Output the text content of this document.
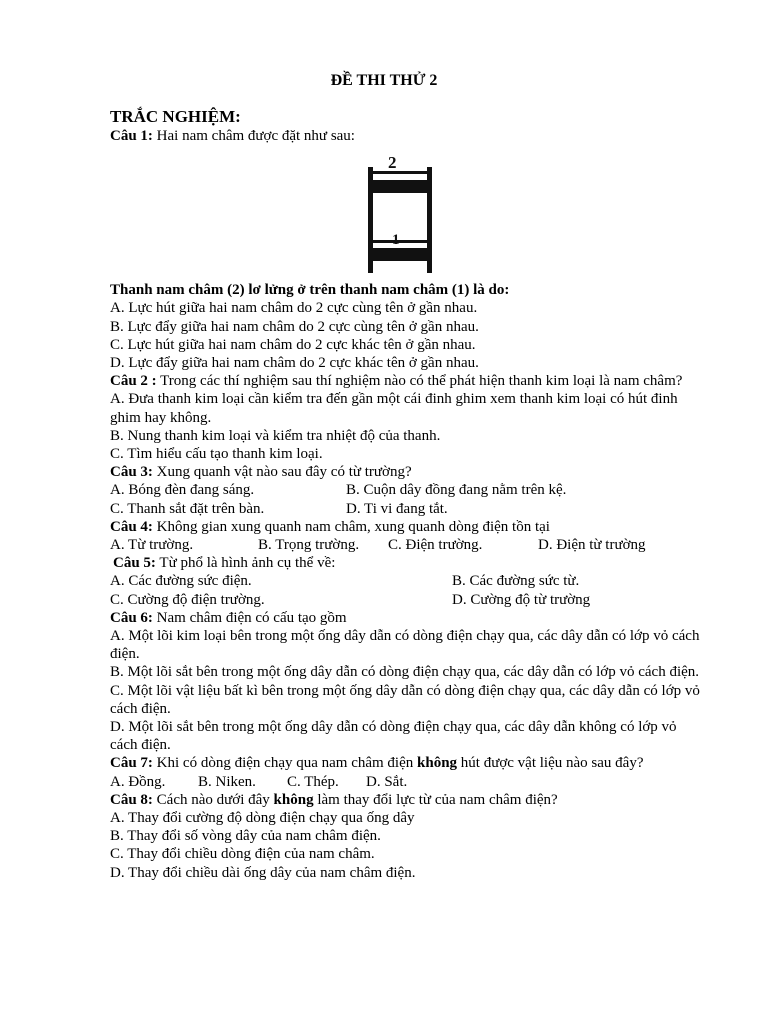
ĐỀ THI THỬ 2
TRẮC NGHIỆM:
Câu 1: Hai nam châm được đặt như sau:
2
1
Thanh nam châm (2) lơ lửng ở trên thanh nam châm (1) là do:
A. Lực hút giữa hai nam châm do 2 cực cùng tên ở gần nhau.
B. Lực đẩy giữa hai nam châm do 2 cực cùng tên ở gần nhau.
C. Lực hút giữa hai nam châm do 2 cực khác tên ở gần nhau.
D. Lực đẩy giữa hai nam châm do 2 cực khác tên ở gần nhau.
Câu 2 : Trong các thí nghiệm sau thí nghiệm nào có thể phát hiện thanh kim loại là nam châm?
A. Đưa thanh kim loại cần kiểm tra đến gần một cái đinh ghim xem thanh kim loại có hút đinh ghim hay không.
B. Nung thanh kim loại và kiểm tra nhiệt độ của thanh.
C. Tìm hiểu cấu tạo thanh kim loại.
Câu 3: Xung quanh vật nào sau đây có từ trường?
A. Bóng đèn đang sáng.	B. Cuộn dây đồng đang nằm trên kệ.
C. Thanh sắt đặt trên bàn.	D. Ti vi đang tắt.
Câu 4: Không gian xung quanh nam châm, xung quanh dòng điện tồn tại
A. Từ trường.	B. Trọng trường. C. Điện trường.	D. Điện từ trường
Câu 5: Từ phổ là hình ảnh cụ thể về:
A. Các đường sức điện.	B. Các đường sức từ.
C. Cường độ điện trường.	D. Cường độ từ trường
Câu 6: Nam châm điện có cấu tạo gồm
A. Một lõi kim loại bên trong một ống dây dẫn có dòng điện chạy qua, các dây dẫn có lớp vỏ cách điện.
B. Một lõi sắt bên trong một ống dây dẫn có dòng điện chạy qua, các dây dẫn có lớp vỏ cách điện.
C. Một lõi vật liệu bất kì bên trong một ống dây dẫn có dòng điện chạy qua, các dây dẫn có lớp vỏ cách điện.
D. Một lõi sắt bên trong một ống dây dẫn có dòng điện chạy qua, các dây dẫn không có lớp vỏ cách điện.
Câu 7: Khi có dòng điện chạy qua nam châm điện không hút được vật liệu nào sau đây?
A. Đồng. B. Niken. C. Thép. D. Sắt.
Câu 8: Cách nào dưới đây không làm thay đổi lực từ của nam châm điện?
A. Thay đổi cường độ dòng điện chạy qua ống dây
B. Thay đổi số vòng dây của nam châm điện.
C. Thay đổi chiều dòng điện của nam châm.
D. Thay đổi chiều dài ống dây của nam châm điện.
